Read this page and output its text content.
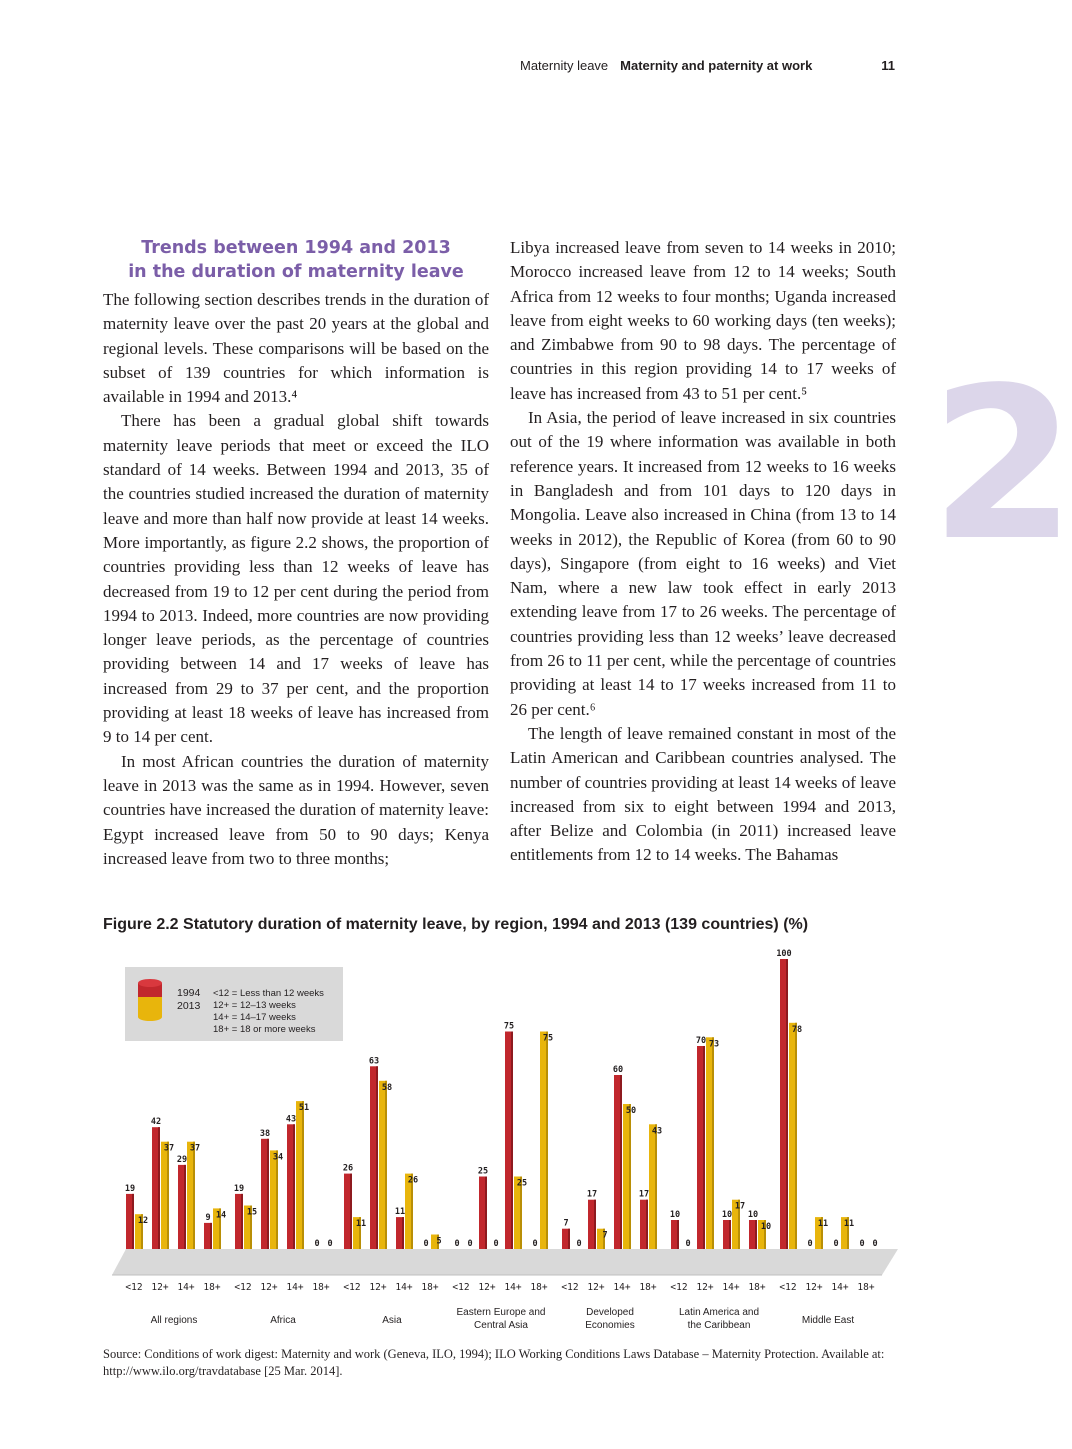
Maternity leave Maternity and paternity at work	11
2
Trends between 1994 and 2013
in the duration of maternity leave

The following section describes trends in the duration of maternity leave over the past 20 years at the global and regional levels. These comparisons will be based on the subset of 139 countries for which information is available in 1994 and 2013.⁴

There has been a gradual global shift towards maternity leave periods that meet or exceed the ILO standard of 14 weeks. Between 1994 and 2013, 35 of the countries studied increased the duration of maternity leave and more than half now provide at least 14 weeks. More importantly, as figure 2.2 shows, the proportion of countries providing less than 12 weeks of leave has decreased from 19 to 12 per cent during the period from 1994 to 2013. Indeed, more countries are now providing longer leave periods, as the percentage of countries providing between 14 and 17 weeks of leave has increased from 29 to 37 per cent, and the proportion providing at least 18 weeks of leave has increased from 9 to 14 per cent.

In most African countries the duration of maternity leave in 2013 was the same as in 1994. However, seven countries have increased the duration of maternity leave: Egypt increased leave from 50 to 90 days; Kenya increased leave from two to three months;

Libya increased leave from seven to 14 weeks in 2010; Morocco increased leave from 12 to 14 weeks; South Africa from 12 weeks to four months; Uganda increased leave from eight weeks to 60 working days (ten weeks); and Zimbabwe from 90 to 98 days. The percentage of countries in this region providing 14 to 17 weeks of leave has increased from 43 to 51 per cent.⁵

In Asia, the period of leave increased in six countries out of the 19 where information was available in both reference years. It increased from 12 weeks to 16 weeks in Bangladesh and from 101 days to 120 days in Mongolia. Leave also increased in China (from 13 to 14 weeks in 2012), the Republic of Korea (from 60 to 90 days), Singapore (from eight to 16 weeks) and Viet Nam, where a new law took effect in early 2013 extending leave from 17 to 26 weeks. The percentage of countries providing less than 12 weeks’ leave decreased from 26 to 11 per cent, while the percentage of countries providing at least 14 to 17 weeks increased from 11 to 26 per cent.⁶

The length of leave remained constant in most of the Latin American and Caribbean countries analysed. The number of countries providing at least 14 weeks of leave increased from six to eight between 1994 and 2013, after Belize and Colombia (in 2011) increased leave entitlements from 12 to 14 weeks. The Bahamas

Figure 2.2 Statutory duration of maternity leave, by region, 1994 and 2013 (139 countries) (%)
1994
2013
<12 = Less than 12 weeks
12+ = 12–13 weeks
14+ = 14–17 weeks
18+ = 18 or more weeks
19
12
<12
42
37
12+
29
37
14+
9 14
18+
All regions
19
15
<12
38
34
12+
43
51
14+
0 0
18+
Africa
26
11
<12
63
58
12+
11
26
14+
0 5
18+
Asia
0 0
<12
25
0
12+
75
25
14+
0
75
18+
Eastern Europe and
Central Asia
7
0
<12
17
7
12+
60
50
14+
17
43
18+
Developed
Economies
10
0
<12
70 73
12+
10
17
14+
10
10
18+
Latin America and
the Caribbean
100
78
<12
0
11
12+
0
11
14+
0 0
18+
Middle East
Source: Conditions of work digest: Maternity and work (Geneva, ILO, 1994); ILO Working Conditions Laws Database – Maternity Protection. Available at: http://www.ilo.org/travdatabase [25 Mar. 2014].
